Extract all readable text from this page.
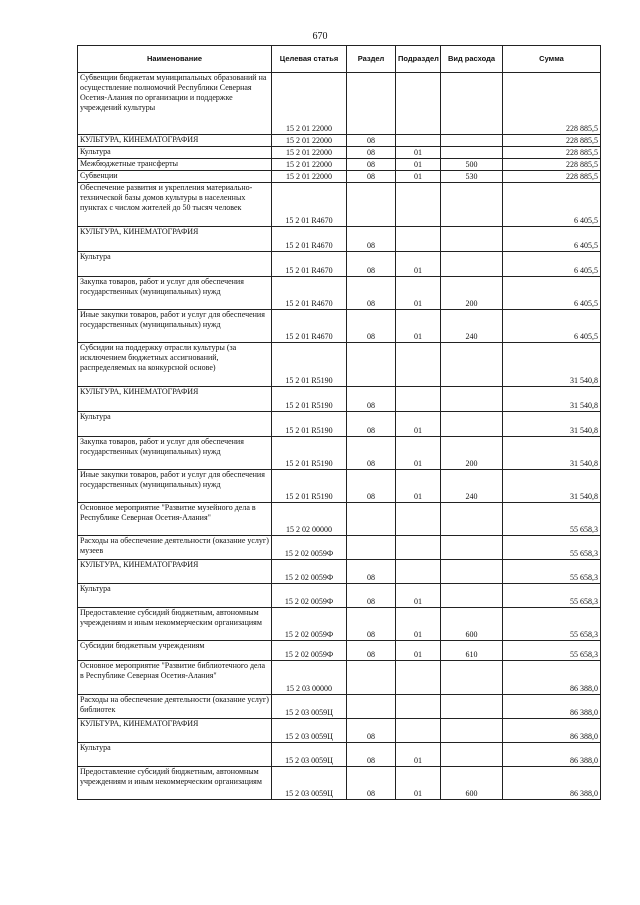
670
Наименование	Целевая статья	Раздел	Подраздел	Вид расхода	Сумма
Субвенции бюджетам муниципальных образований на осуществление полномочий Республики Северная Осетия-Алания по организации и поддержке учреждений культуры	15 2 01 22000				228 885,5
КУЛЬТУРА, КИНЕМАТОГРАФИЯ	15 2 01 22000	08			228 885,5
Культура	15 2 01 22000	08	01		228 885,5
Межбюджетные трансферты	15 2 01 22000	08	01	500	228 885,5
Субвенции	15 2 01 22000	08	01	530	228 885,5
Обеспечение развития и укрепления материально-технической базы домов культуры в населенных пунктах с числом жителей до 50 тысяч человек	15 2 01 R4670				6 405,5
КУЛЬТУРА, КИНЕМАТОГРАФИЯ	15 2 01 R4670	08			6 405,5
Культура	15 2 01 R4670	08	01		6 405,5
Закупка товаров, работ и услуг для обеспечения государственных (муниципальных) нужд	15 2 01 R4670	08	01	200	6 405,5
Иные закупки товаров, работ и услуг для обеспечения государственных (муниципальных) нужд	15 2 01 R4670	08	01	240	6 405,5
Субсидии на поддержку отрасли культуры (за исключением бюджетных ассигнований, распределяемых на конкурсной основе)	15 2 01 R5190				31 540,8
КУЛЬТУРА, КИНЕМАТОГРАФИЯ	15 2 01 R5190	08			31 540,8
Культура	15 2 01 R5190	08	01		31 540,8
Закупка товаров, работ и услуг для обеспечения государственных (муниципальных) нужд	15 2 01 R5190	08	01	200	31 540,8
Иные закупки товаров, работ и услуг для обеспечения государственных (муниципальных) нужд	15 2 01 R5190	08	01	240	31 540,8
Основное мероприятие "Развитие музейного дела в Республике Северная Осетия-Алания"	15 2 02 00000				55 658,3
Расходы на обеспечение деятельности (оказание услуг) музеев	15 2 02 0059Ф				55 658,3
КУЛЬТУРА, КИНЕМАТОГРАФИЯ	15 2 02 0059Ф	08			55 658,3
Культура	15 2 02 0059Ф	08	01		55 658,3
Предоставление субсидий бюджетным, автономным учреждениям и иным некоммерческим организациям	15 2 02 0059Ф	08	01	600	55 658,3
Субсидии бюджетным учреждениям	15 2 02 0059Ф	08	01	610	55 658,3
Основное мероприятие "Развитие библиотечного дела в Республике Северная Осетия-Алания"	15 2 03 00000				86 388,0
Расходы на обеспечение деятельности (оказание услуг) библиотек	15 2 03 0059Ц				86 388,0
КУЛЬТУРА, КИНЕМАТОГРАФИЯ	15 2 03 0059Ц	08			86 388,0
Культура	15 2 03 0059Ц	08	01		86 388,0
Предоставление субсидий бюджетным, автономным учреждениям и иным некоммерческим организациям	15 2 03 0059Ц	08	01	600	86 388,0
